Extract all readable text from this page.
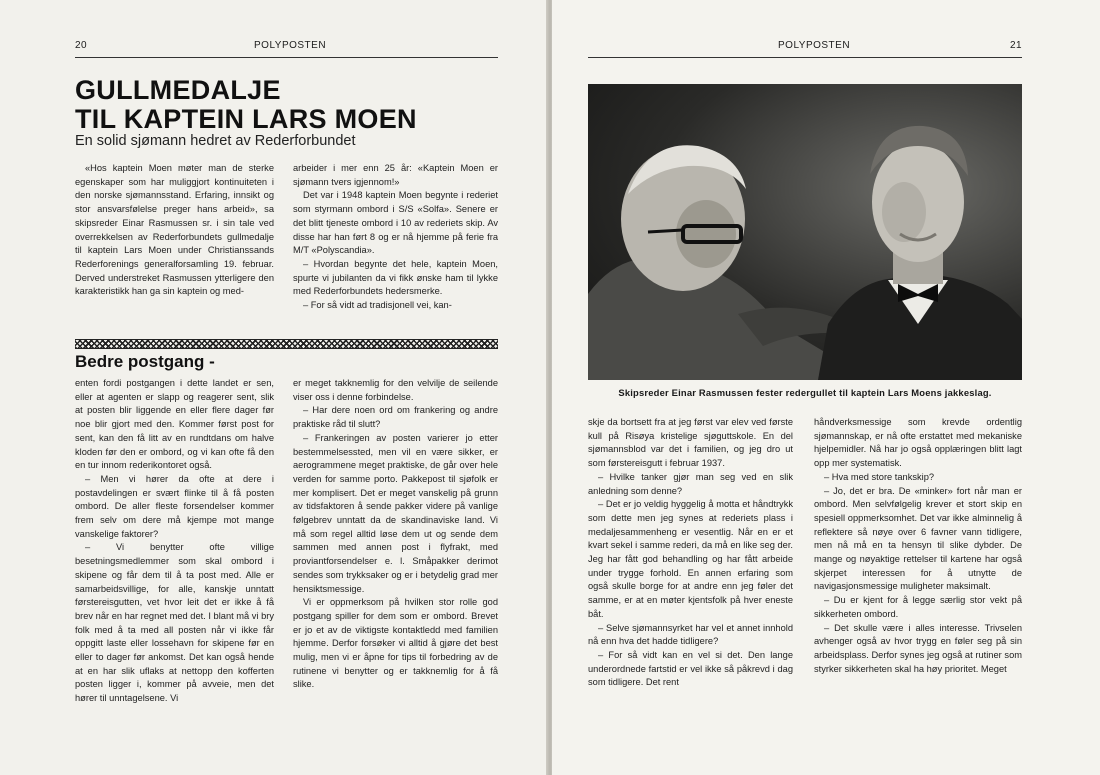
20	POLYPOSTEN
GULLMEDALJE
TIL KAPTEIN LARS MOEN
En solid sjømann hedret av Rederforbundet

«Hos kaptein Moen møter man de sterke egenskaper som har muliggjort kontinuiteten i den norske sjømannsstand. Erfaring, innsikt og stor ansvarsfølelse preger hans arbeid», sa skipsreder Einar Rasmussen sr. i sin tale ved overrekkelsen av Rederforbundets gullmedalje til kaptein Lars Moen under Christianssands Rederforenings generalforsamling 19. februar. Derved understreket Rasmussen ytterligere den karakteristikk han ga sin kaptein og med-

arbeider i mer enn 25 år: «Kaptein Moen er sjømann tvers igjennom!»

Det var i 1948 kaptein Moen begynte i rederiet som styrmann ombord i S/S «Solfa». Senere er det blitt tjeneste ombord i 10 av rederiets skip. Av disse har han ført 8 og er nå hjemme på ferie fra M/T «Polyscandia».

– Hvordan begynte det hele, kaptein Moen, spurte vi jubilanten da vi fikk ønske ham til lykke med Rederforbundets hedersmerke.

– For så vidt ad tradisjonell vei, kan-

Bedre postgang -

enten fordi postgangen i dette landet er sen, eller at agenten er slapp og reagerer sent, slik at posten blir liggende en eller flere dager før noe blir gjort med den. Kommer først post for sent, kan den få litt av en rundtdans om halve kloden før den er ombord, og vi kan ofte få den en tur innom rederikontoret også.

– Men vi hører da ofte at dere i postavdelingen er svært flinke til å få posten ombord. De aller fleste forsendelser kommer frem selv om dere må kjempe mot mange vanskelige faktorer?

– Vi benytter ofte villige besetningsmedlemmer som skal ombord i skipene og får dem til å ta post med. Alle er samarbeidsvillige, for alle, kanskje unntatt førstereisgutten, vet hvor leit det er ikke å få brev når en har regnet med det. I blant må vi bry folk med å ta med all posten når vi ikke får oppgitt laste eller lossehavn for skipene før en eller to dager før ankomst. Det kan også hende at en har slik uflaks at nettopp den kofferten posten ligger i, kommer på avveie, men det hører til unntagelsene. Vi

er meget takknemlig for den velvilje de seilende viser oss i denne forbindelse.

– Har dere noen ord om frankering og andre praktiske råd til slutt?

– Frankeringen av posten varierer jo etter bestemmelsessted, men vil en være sikker, er aerogrammene meget praktiske, de går over hele verden for samme porto. Pakkepost til sjøfolk er mer komplisert. Det er meget vanskelig på grunn av tidsfaktoren å sende pakker videre på vanlige følgebrev unntatt da de skandinaviske land. Vi må som regel alltid løse dem ut og sende dem sammen med annen post i flyfrakt, med proviantforsendelser e. l. Småpakker derimot sendes som trykksaker og er i betydelig grad mer hensiktsmessige.

Vi er oppmerksom på hvilken stor rolle god postgang spiller for dem som er ombord. Brevet er jo et av de viktigste kontaktledd med familien hjemme. Derfor forsøker vi alltid å gjøre det best mulig, men vi er åpne for tips til forbedring av de rutinene vi benytter og er takknemlig for å få slike.

POLYPOSTEN	21
Skipsreder Einar Rasmussen fester redergullet til kaptein Lars Moens jakkeslag.

skje da bortsett fra at jeg først var elev ved første kull på Risøya kristelige sjøguttskole. En del sjømannsblod var det i familien, og jeg dro ut som førstereisgutt i februar 1937.

– Hvilke tanker gjør man seg ved en slik anledning som denne?

– Det er jo veldig hyggelig å motta et håndtrykk som dette men jeg synes at rederiets plass i medaljesammenheng er vesentlig. Når en er et kvart sekel i samme rederi, da må en like seg der. Jeg har fått god behandling og har fått arbeide under trygge forhold. En annen erfaring som også skulle borge for at andre enn jeg føler det samme, er at en møter kjentsfolk på hver eneste båt.

– Selve sjømannsyrket har vel et annet innhold nå enn hva det hadde tidligere?

– For så vidt kan en vel si det. Den lange underordnede fartstid er vel ikke så påkrevd i dag som tidligere. Det rent

håndverksmessige som krevde ordentlig sjømannskap, er nå ofte erstattet med mekaniske hjelpemidler. Nå har jo også opplæringen blitt lagt opp mer systematisk.

– Hva med store tankskip?

– Jo, det er bra. De «minker» fort når man er ombord. Men selvfølgelig krever et stort skip en spesiell oppmerksomhet. Det var ikke alminnelig å reflektere så nøye over 6 favner vann tidligere, men nå må en ta hensyn til slike dybder. De mange og nøyaktige rettelser til kartene har også skjerpet interessen for å utnytte de navigasjonsmessige muligheter maksimalt.

– Du er kjent for å legge særlig stor vekt på sikkerheten ombord.

– Det skulle være i alles interesse. Trivselen avhenger også av hvor trygg en føler seg på sin arbeidsplass. Derfor synes jeg også at rutiner som styrker sikkerheten skal ha høy prioritet. Meget
